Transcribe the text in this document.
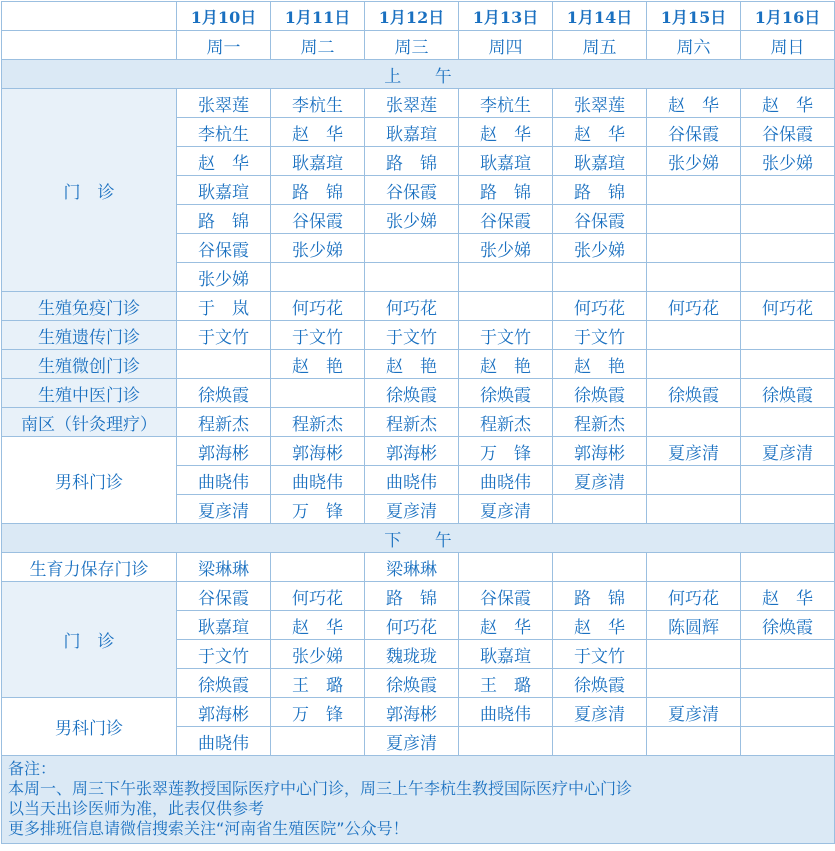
	1月10日	1月11日	1月12日	1月13日	1月14日	1月15日	1月16日
	周一	周二	周三	周四	周五	周六	周日
上 午							
门　诊	张翠莲	李杭生	张翠莲	李杭生	张翠莲	赵　华	赵　华
	李杭生	赵　华	耿嘉瑄	赵　华	赵　华	谷保霞	谷保霞
	赵　华	耿嘉瑄	路　锦	耿嘉瑄	耿嘉瑄	张少娣	张少娣
	耿嘉瑄	路　锦	谷保霞	路　锦	路　锦		
	路　锦	谷保霞	张少娣	谷保霞	谷保霞		
	谷保霞	张少娣		张少娣	张少娣		
	张少娣						
生殖免疫门诊	于　岚	何巧花	何巧花		何巧花	何巧花	何巧花
生殖遗传门诊	于文竹	于文竹	于文竹	于文竹	于文竹		
生殖微创门诊		赵　艳	赵　艳	赵　艳	赵　艳		
生殖中医门诊	徐焕霞		徐焕霞	徐焕霞	徐焕霞	徐焕霞	徐焕霞
南区（针灸理疗）	程新杰	程新杰	程新杰	程新杰	程新杰		
男科门诊	郭海彬	郭海彬	郭海彬	万　锋	郭海彬	夏彦清	夏彦清
	曲晓伟	曲晓伟	曲晓伟	曲晓伟	夏彦清		
	夏彦清	万　锋	夏彦清	夏彦清			
下 午							
生育力保存门诊	梁琳琳		梁琳琳				
门　诊	谷保霞	何巧花	路　锦	谷保霞	路　锦	何巧花	赵　华
	耿嘉瑄	赵　华	何巧花	赵　华	赵　华	陈圆辉	徐焕霞
	于文竹	张少娣	魏珑珑	耿嘉瑄	于文竹		
	徐焕霞	王　璐	徐焕霞	王　璐	徐焕霞		
男科门诊	郭海彬	万　锋	郭海彬	曲晓伟	夏彦清	夏彦清	
	曲晓伟		夏彦清				

备注：
本周一、周三下午张翠莲教授国际医疗中心门诊，周三上午李杭生教授国际医疗中心门诊
以当天出诊医师为准，此表仅供参考
更多排班信息请微信搜索关注“河南省生殖医院”公众号！							
